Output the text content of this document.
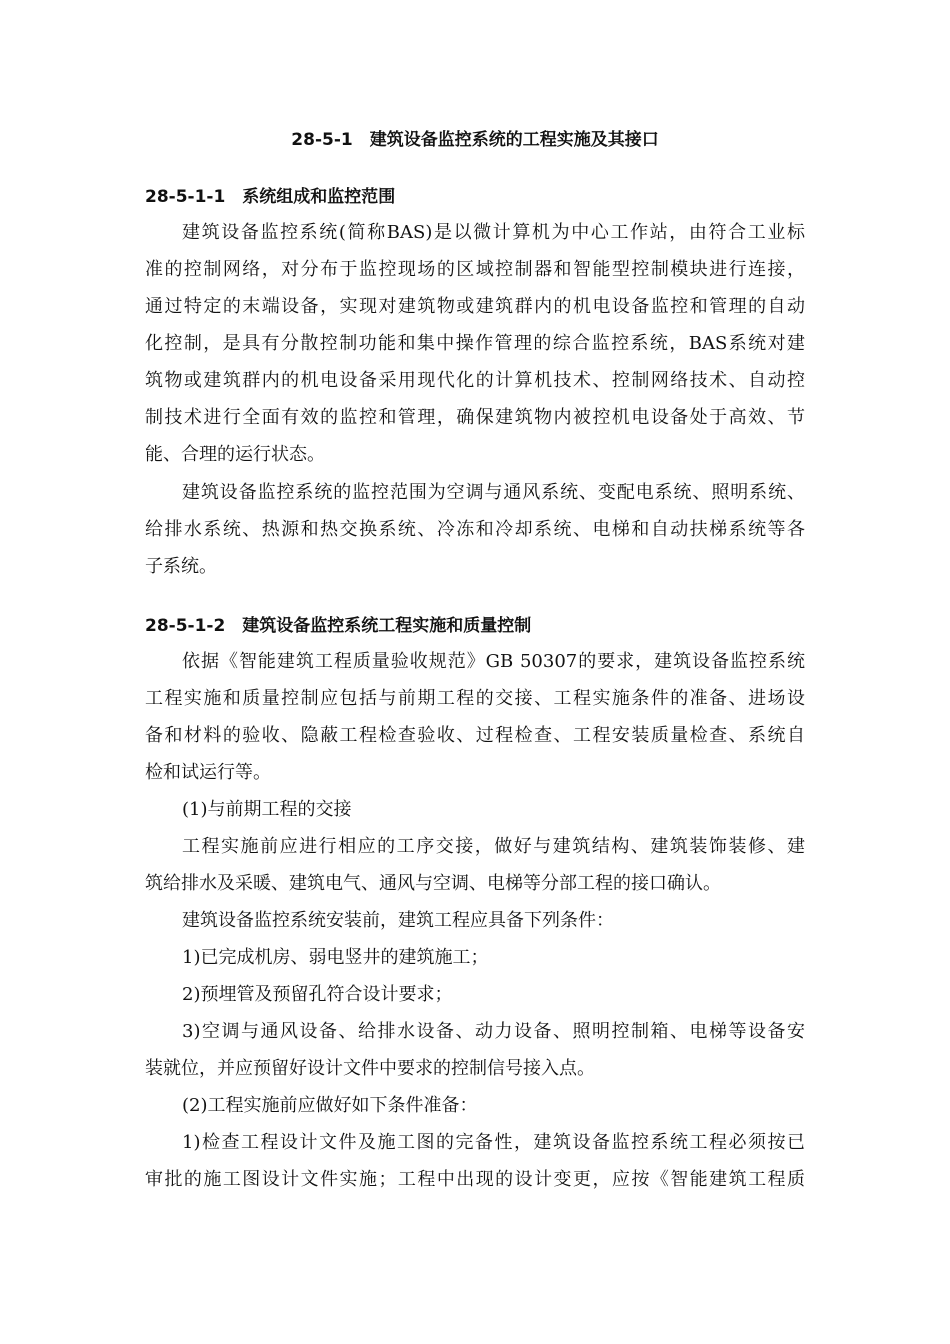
28-5-1　建筑设备监控系统的工程实施及其接口
28-5-1-1　系统组成和监控范围
建筑设备监控系统(简称BAS)是以微计算机为中心工作站，由符合工业标
准的控制网络，对分布于监控现场的区域控制器和智能型控制模块进行连接，
通过特定的末端设备，实现对建筑物或建筑群内的机电设备监控和管理的自动
化控制，是具有分散控制功能和集中操作管理的综合监控系统，BAS系统对建
筑物或建筑群内的机电设备采用现代化的计算机技术、控制网络技术、自动控
制技术进行全面有效的监控和管理，确保建筑物内被控机电设备处于高效、节
能、合理的运行状态。
建筑设备监控系统的监控范围为空调与通风系统、变配电系统、照明系统、
给排水系统、热源和热交换系统、冷冻和冷却系统、电梯和自动扶梯系统等各
子系统。
28-5-1-2　建筑设备监控系统工程实施和质量控制
依据《智能建筑工程质量验收规范》GB 50307的要求，建筑设备监控系统
工程实施和质量控制应包括与前期工程的交接、工程实施条件的准备、进场设
备和材料的验收、隐蔽工程检查验收、过程检查、工程安装质量检查、系统自
检和试运行等。
(1)与前期工程的交接
工程实施前应进行相应的工序交接，做好与建筑结构、建筑装饰装修、建
筑给排水及采暖、建筑电气、通风与空调、电梯等分部工程的接口确认。
建筑设备监控系统安装前，建筑工程应具备下列条件：
1)已完成机房、弱电竖井的建筑施工；
2)预埋管及预留孔符合设计要求；
3)空调与通风设备、给排水设备、动力设备、照明控制箱、电梯等设备安
装就位，并应预留好设计文件中要求的控制信号接入点。
(2)工程实施前应做好如下条件准备：
1)检查工程设计文件及施工图的完备性，建筑设备监控系统工程必须按已
审批的施工图设计文件实施；工程中出现的设计变更，应按《智能建筑工程质
